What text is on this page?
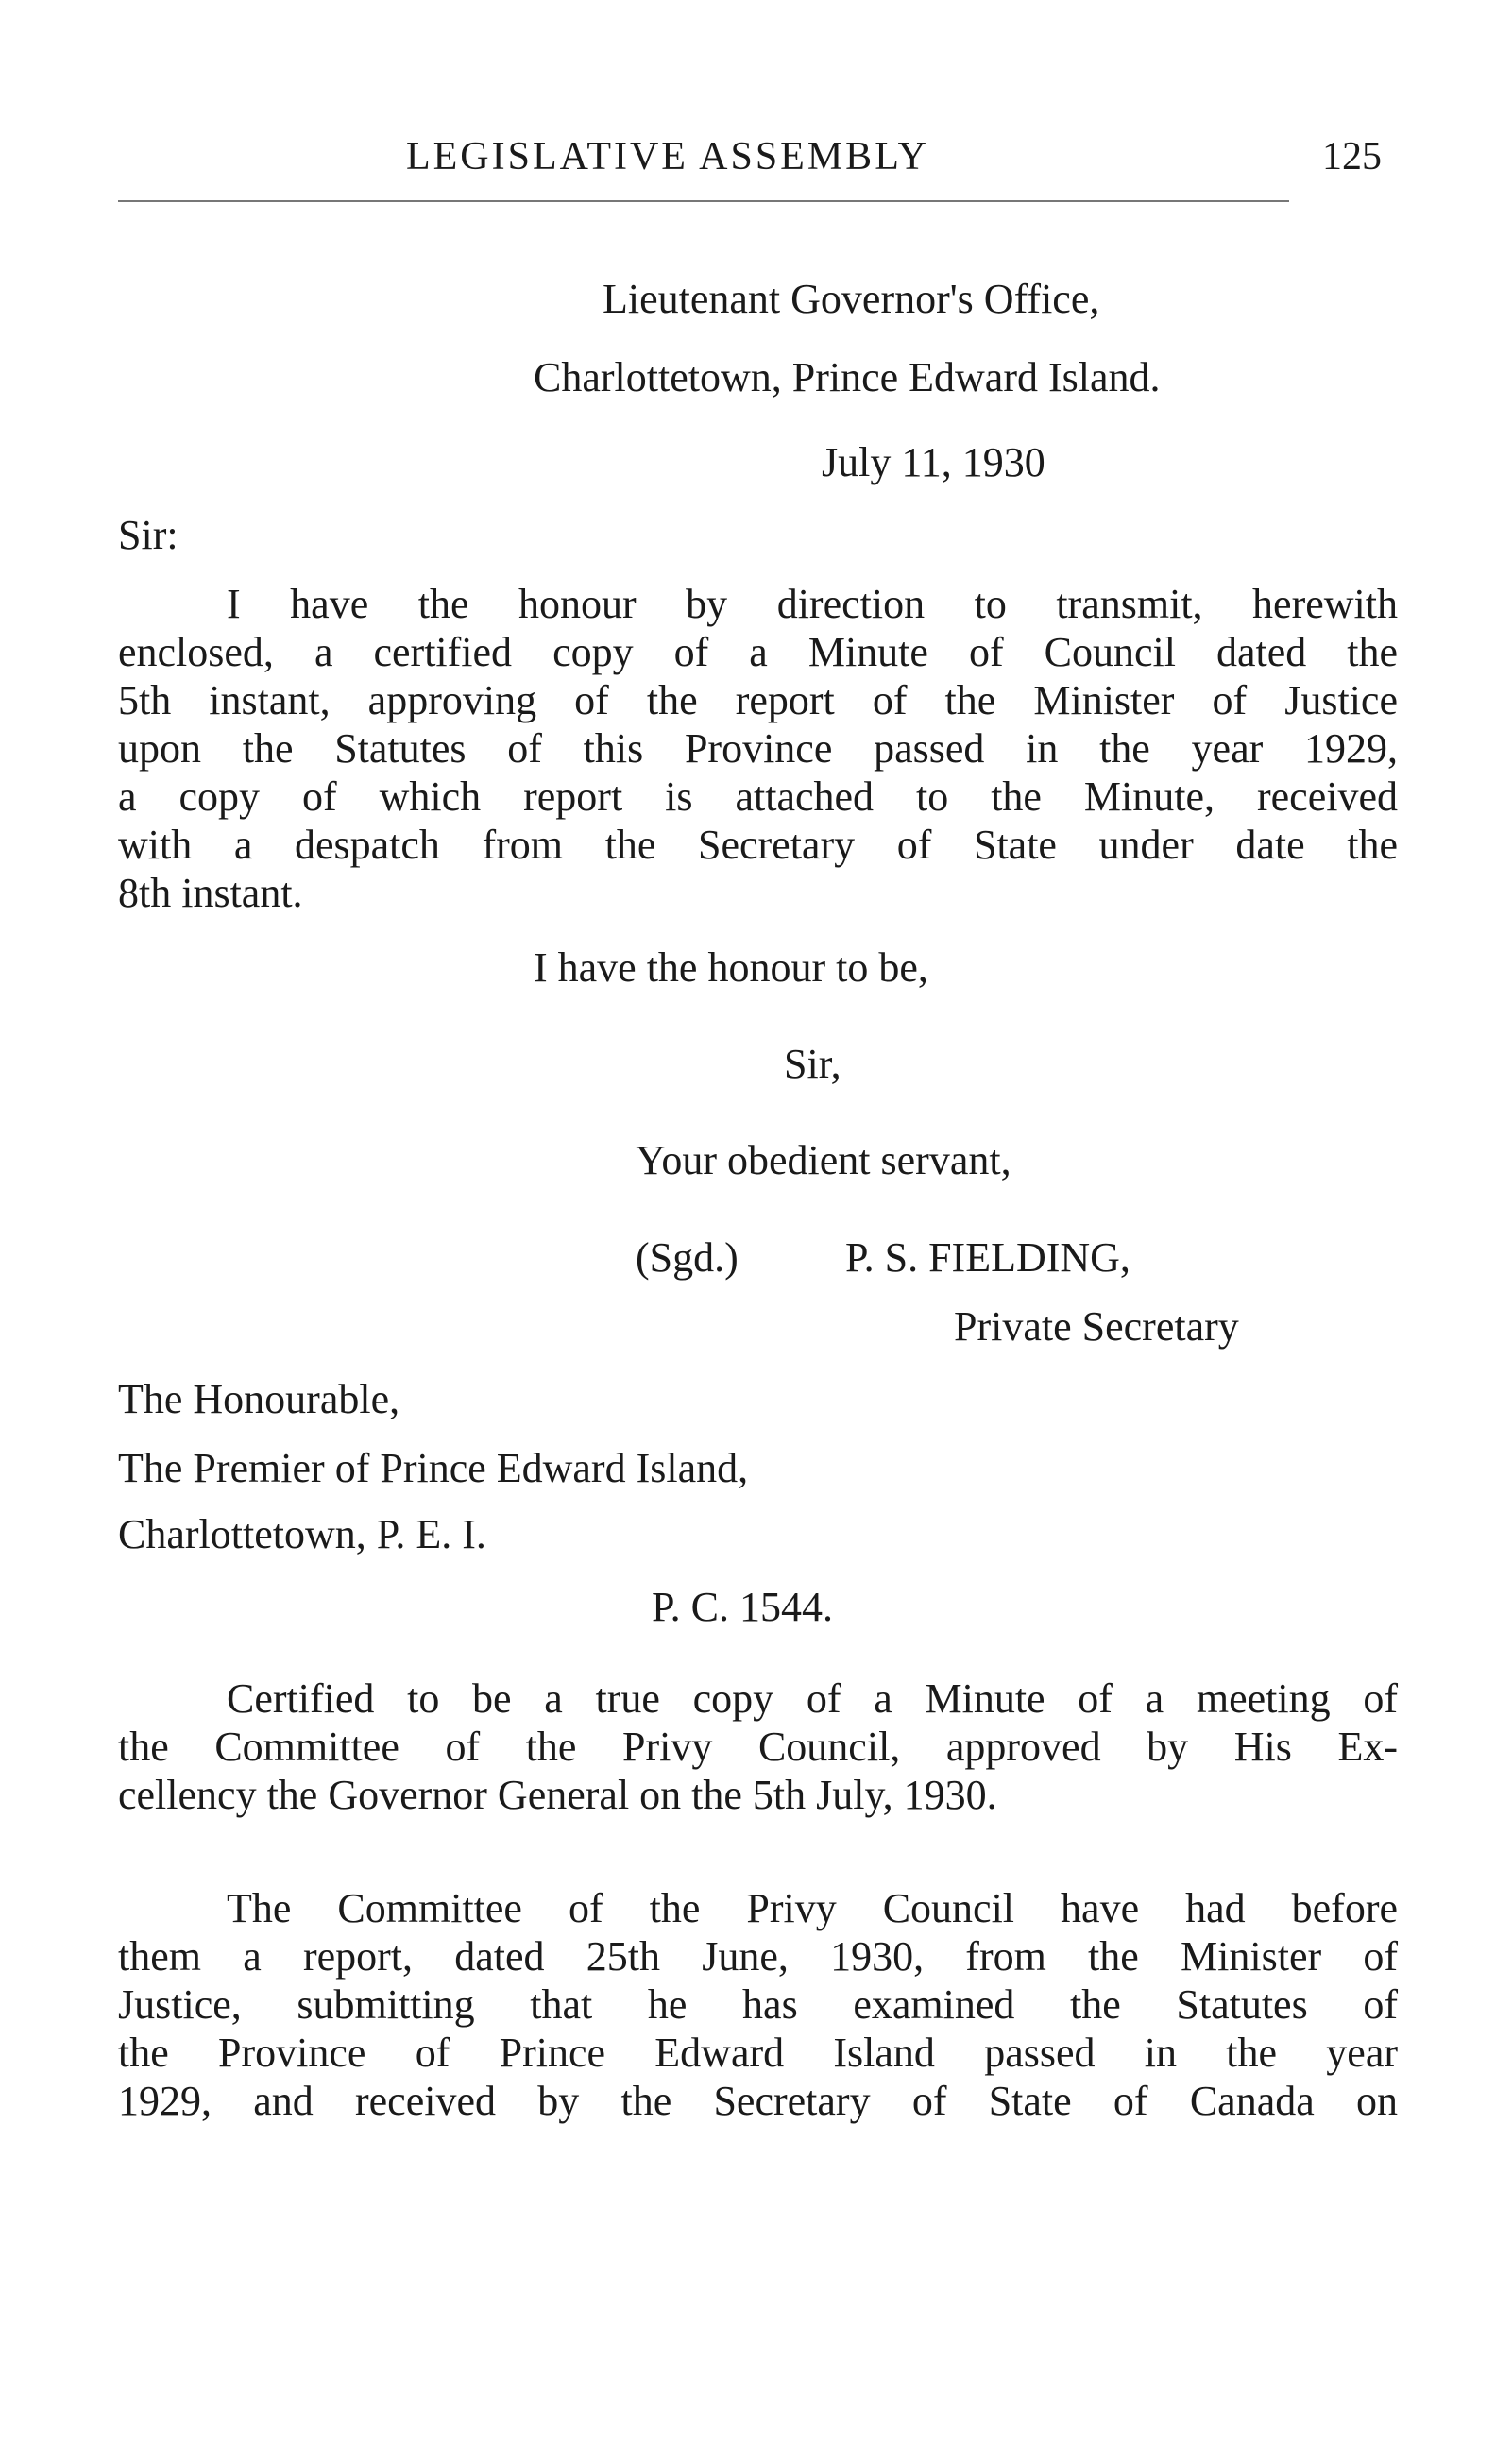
LEGISLATIVE ASSEMBLY	125
Lieutenant Governor's Office,
Charlottetown, Prince Edward Island.
July 11, 1930
Sir:
I have the honour by direction to transmit, herewith
enclosed, a certified copy of a Minute of Council dated the
5th instant, approving of the report of the Minister of Justice
upon the Statutes of this Province passed in the year 1929,
a copy of which report is attached to the Minute, received
with a despatch from the Secretary of State under date the
8th instant.
I have the honour to be,
Sir,
Your obedient servant,
(Sgd.)	P. S. FIELDING,
Private Secretary
The Honourable,
The Premier of Prince Edward Island,
Charlottetown, P. E. I.
P. C. 1544.
Certified to be a true copy of a Minute of a meeting of
the Committee of the Privy Council, approved by His Ex-
cellency the Governor General on the 5th July, 1930.
The Committee of the Privy Council have had before
them a report, dated 25th June, 1930, from the Minister of
Justice, submitting that he has examined the Statutes of
the Province of Prince Edward Island passed in the year
1929, and received by the Secretary of State of Canada on
